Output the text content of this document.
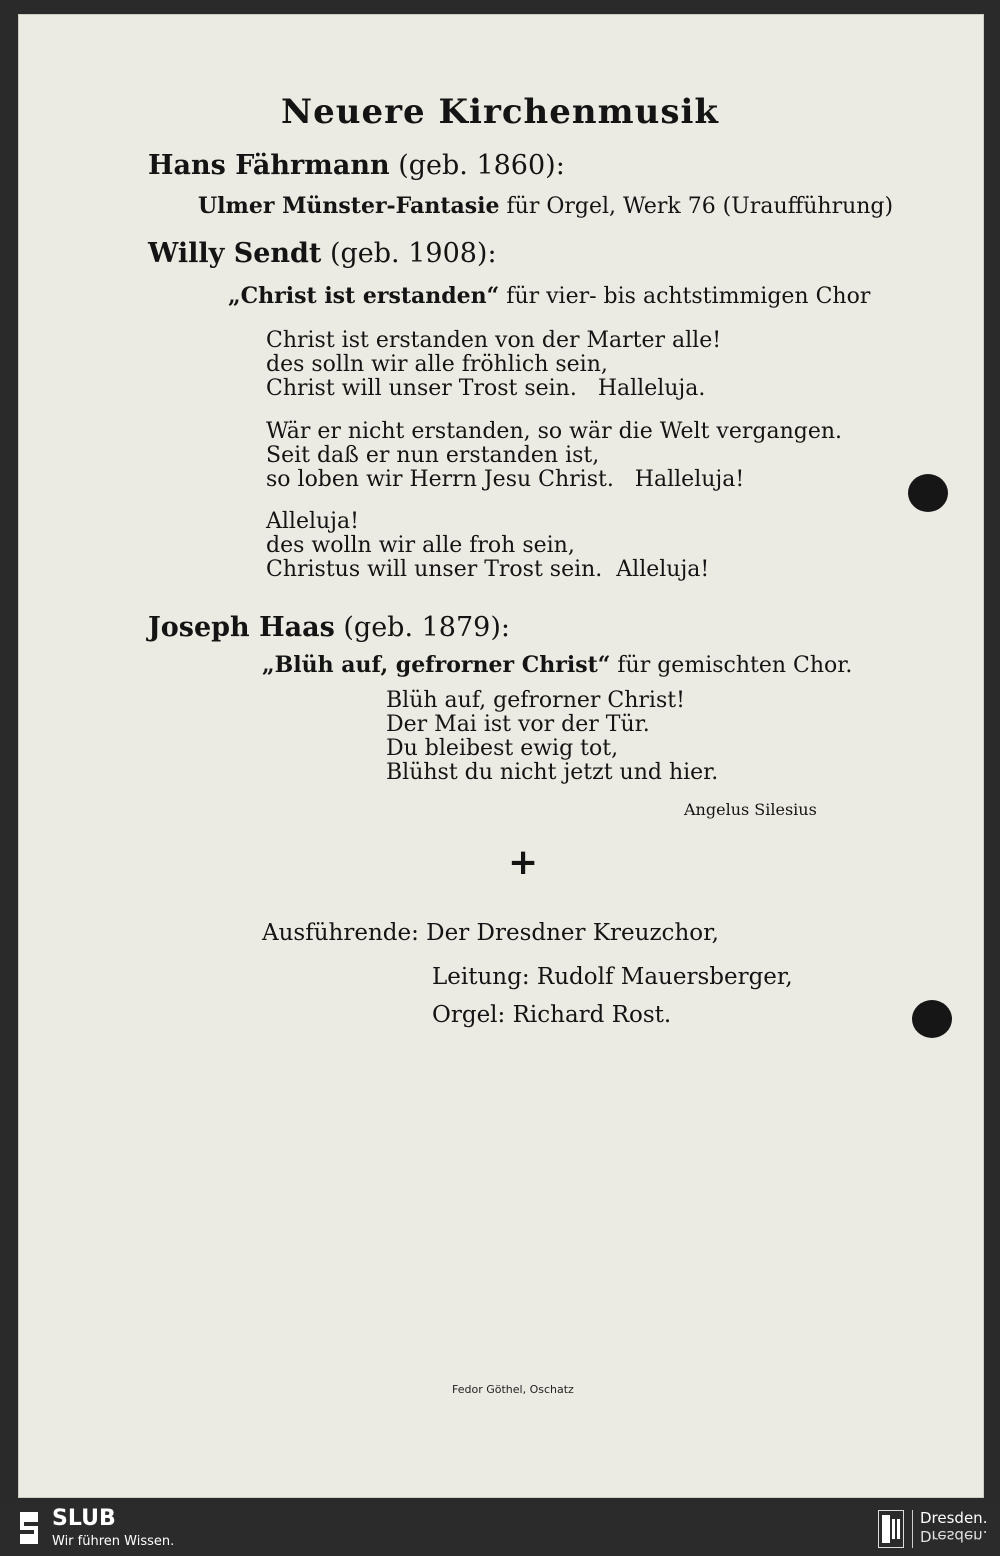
Neuere Kirchenmusik
Hans Fährmann (geb. 1860):
Ulmer Münster-Fantasie für Orgel, Werk 76 (Uraufführung)
Willy Sendt (geb. 1908):
„Christ ist erstanden“ für vier- bis achtstimmigen Chor
Christ ist erstanden von der Marter alle!
des solln wir alle fröhlich sein,
Christ will unser Trost sein.   Halleluja.
Wär er nicht erstanden, so wär die Welt vergangen.
Seit daß er nun erstanden ist,
so loben wir Herrn Jesu Christ.   Halleluja!
Alleluja!
des wolln wir alle froh sein,
Christus will unser Trost sein.  Alleluja!
Joseph Haas (geb. 1879):
„Blüh auf, gefrorner Christ“ für gemischten Chor.
Blüh auf, gefrorner Christ!
Der Mai ist vor der Tür.
Du bleibest ewig tot,
Blühst du nicht jetzt und hier.
Angelus Silesius
+
Ausführende: Der Dresdner Kreuzchor,
Leitung: Rudolf Mauersberger,
Orgel: Richard Rost.
Fedor Göthel, Oschatz
SLUB
Wir führen Wissen.
Dresden.
Dresden.
